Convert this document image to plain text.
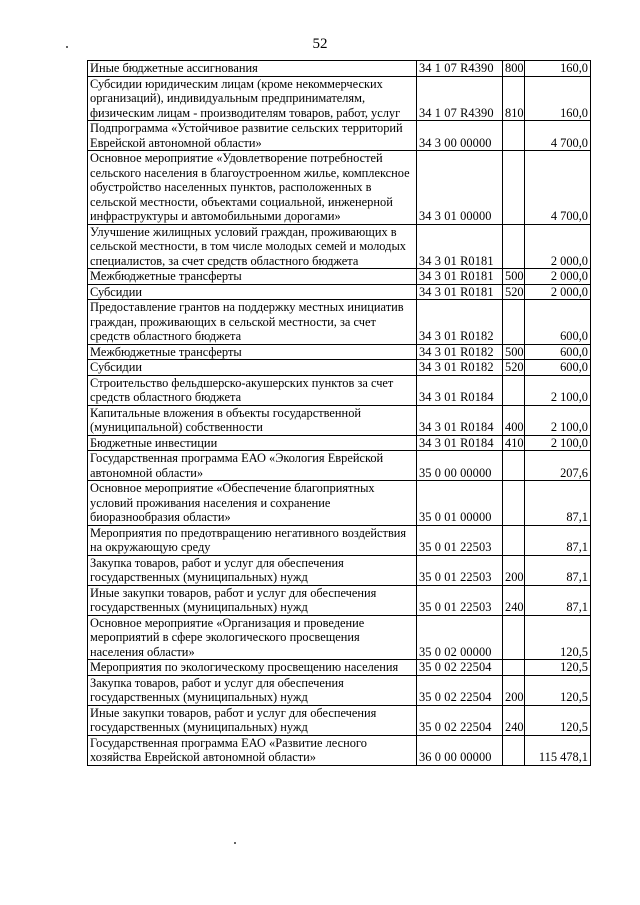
52
Иные бюджетные ассигнования	34 1 07 R4390	800	160,0
Субсидии юридическим лицам (кроме некоммерческих организаций), индивидуальным предпринимателям, физическим лицам - производителям товаров, работ, услуг	34 1 07 R4390	810	160,0
Подпрограмма «Устойчивое развитие сельских территорий Еврейской автономной области»	34 3 00 00000		4 700,0
Основное мероприятие «Удовлетворение потребностей сельского населения в благоустроенном жилье, комплексное обустройство населенных пунктов, расположенных в сельской местности, объектами социальной, инженерной инфраструктуры и автомобильными дорогами»	34 3 01 00000		4 700,0
Улучшение жилищных условий граждан, проживающих в сельской местности, в том числе молодых семей и молодых специалистов, за счет средств областного бюджета	34 3 01 R0181		2 000,0
Межбюджетные трансферты	34 3 01 R0181	500	2 000,0
Субсидии	34 3 01 R0181	520	2 000,0
Предоставление грантов на поддержку местных инициатив граждан, проживающих в сельской местности, за счет средств областного бюджета	34 3 01 R0182		600,0
Межбюджетные трансферты	34 3 01 R0182	500	600,0
Субсидии	34 3 01 R0182	520	600,0
Строительство фельдшерско-акушерских пунктов за счет средств областного бюджета	34 3 01 R0184		2 100,0
Капитальные вложения в объекты государственной (муниципальной) собственности	34 3 01 R0184	400	2 100,0
Бюджетные инвестиции	34 3 01 R0184	410	2 100,0
Государственная программа ЕАО «Экология Еврейской автономной области»	35 0 00 00000		207,6
Основное мероприятие «Обеспечение благоприятных условий проживания населения и сохранение биоразнообразия области»	35 0 01 00000		87,1
Мероприятия по предотвращению негативного воздействия на окружающую среду	35 0 01 22503		87,1
Закупка товаров, работ и услуг для обеспечения государственных (муниципальных) нужд	35 0 01 22503	200	87,1
Иные закупки товаров, работ и услуг для обеспечения государственных (муниципальных) нужд	35 0 01 22503	240	87,1
Основное мероприятие «Организация и проведение мероприятий в сфере экологического просвещения населения области»	35 0 02 00000		120,5
Мероприятия по экологическому просвещению населения	35 0 02 22504		120,5
Закупка товаров, работ и услуг для обеспечения государственных (муниципальных) нужд	35 0 02 22504	200	120,5
Иные закупки товаров, работ и услуг для обеспечения государственных (муниципальных) нужд	35 0 02 22504	240	120,5
Государственная программа ЕАО «Развитие лесного хозяйства Еврейской автономной области»	36 0 00 00000		115 478,1
